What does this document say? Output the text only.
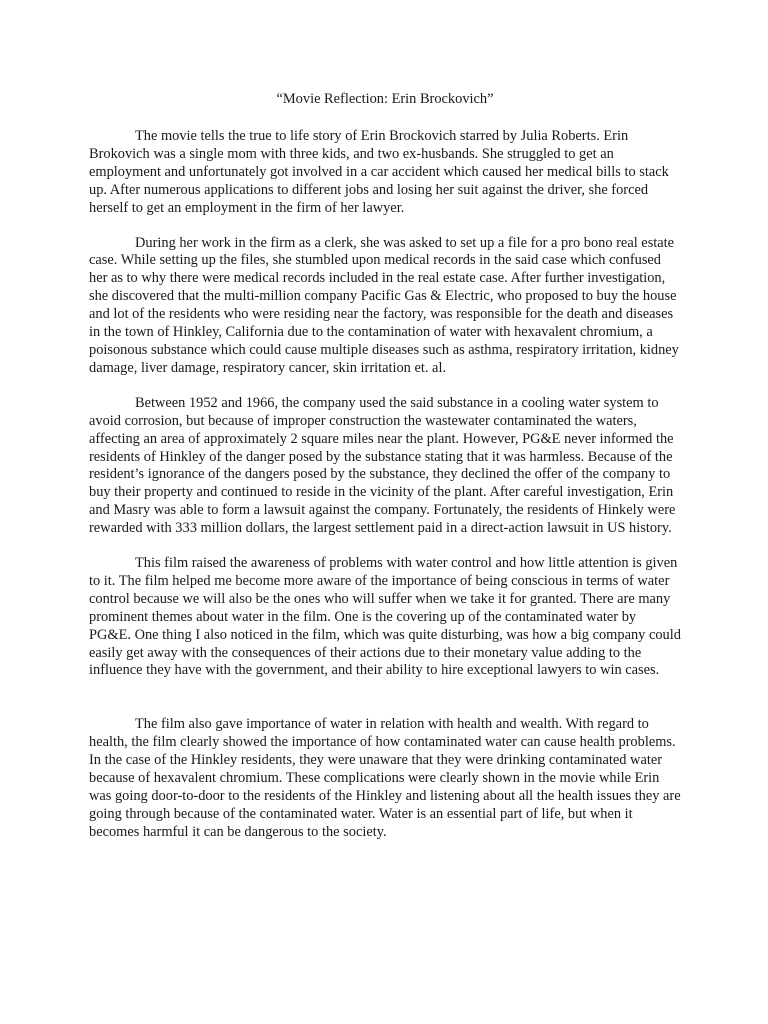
“Movie Reflection: Erin Brockovich”

The movie tells the true to life story of Erin Brockovich starred by Julia Roberts. Erin Brokovich was a single mom with three kids, and two ex-husbands. She struggled to get an employment and unfortunately got involved in a car accident which caused her medical bills to stack up. After numerous applications to different jobs and losing her suit against the driver, she forced herself to get an employment in the firm of her lawyer.

During her work in the firm as a clerk, she was asked to set up a file for a pro bono real estate case. While setting up the files, she stumbled upon medical records in the said case which confused her as to why there were medical records included in the real estate case. After further investigation, she discovered that the multi-million company Pacific Gas & Electric, who proposed to buy the house and lot of the residents who were residing near the factory, was responsible for the death and diseases in the town of Hinkley, California due to the contamination of water with hexavalent chromium, a poisonous substance which could cause multiple diseases such as asthma, respiratory irritation, kidney damage, liver damage, respiratory cancer, skin irritation et. al.

Between 1952 and 1966, the company used the said substance in a cooling water system to avoid corrosion, but because of improper construction the wastewater contaminated the waters, affecting an area of approximately 2 square miles near the plant. However, PG&E never informed the residents of Hinkley of the danger posed by the substance stating that it was harmless. Because of the resident’s ignorance of the dangers posed by the substance, they declined the offer of the company to buy their property and continued to reside in the vicinity of the plant. After careful investigation, Erin and Masry was able to form a lawsuit against the company. Fortunately, the residents of Hinkely were rewarded with 333 million dollars, the largest settlement paid in a direct-action lawsuit in US history.

This film raised the awareness of problems with water control and how little attention is given to it. The film helped me become more aware of the importance of being conscious in terms of water control because we will also be the ones who will suffer when we take it for granted. There are many prominent themes about water in the film. One is the covering up of the contaminated water by PG&E. One thing I also noticed in the film, which was quite disturbing, was how a big company could easily get away with the consequences of their actions due to their monetary value adding to the influence they have with the government, and their ability to hire exceptional lawyers to win cases.

The film also gave importance of water in relation with health and wealth. With regard to health, the film clearly showed the importance of how contaminated water can cause health problems. In the case of the Hinkley residents, they were unaware that they were drinking contaminated water because of hexavalent chromium. These complications were clearly shown in the movie while Erin was going door-to-door to the residents of the Hinkley and listening about all the health issues they are going through because of the contaminated water. Water is an essential part of life, but when it becomes harmful it can be dangerous to the society.
